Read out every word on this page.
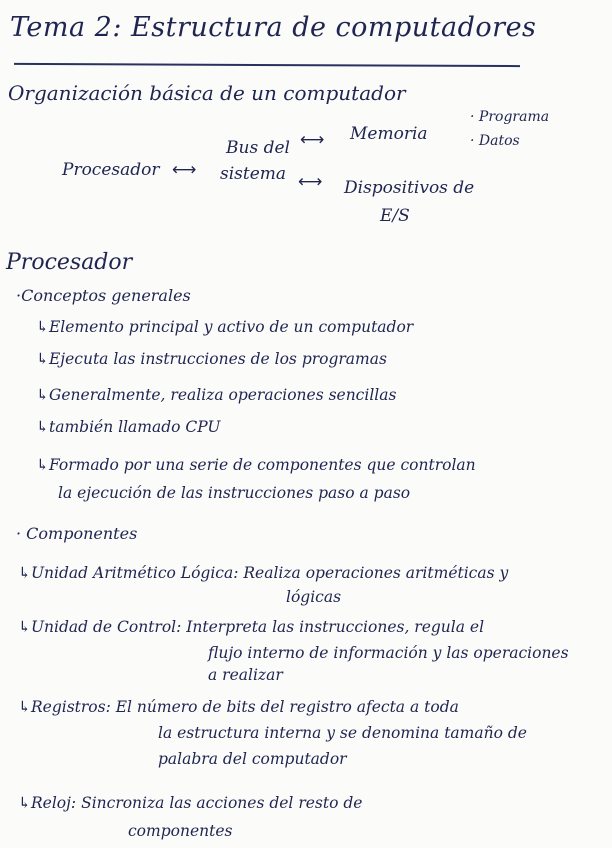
Tema 2: Estructura de computadores
Organización básica de un computador
Procesador ⟷
Bus del
sistema
⟷ Memoria
· Programa
· Datos
⟷ Dispositivos de
E/S
Procesador
·Conceptos generales
↳Elemento principal y activo de un computador
↳Ejecuta las instrucciones de los programas
↳Generalmente, realiza operaciones sencillas
↳también llamado CPU
↳Formado por una serie de componentes que controlan
la ejecución de las instrucciones paso a paso
· Componentes
↳Unidad Aritmético Lógica: Realiza operaciones aritméticas y
lógicas
↳Unidad de Control: Interpreta las instrucciones, regula el
flujo interno de información y las operaciones
a realizar
↳Registros: El número de bits del registro afecta a toda
la estructura interna y se denomina tamaño de
palabra del computador
↳Reloj: Sincroniza las acciones del resto de
componentes
